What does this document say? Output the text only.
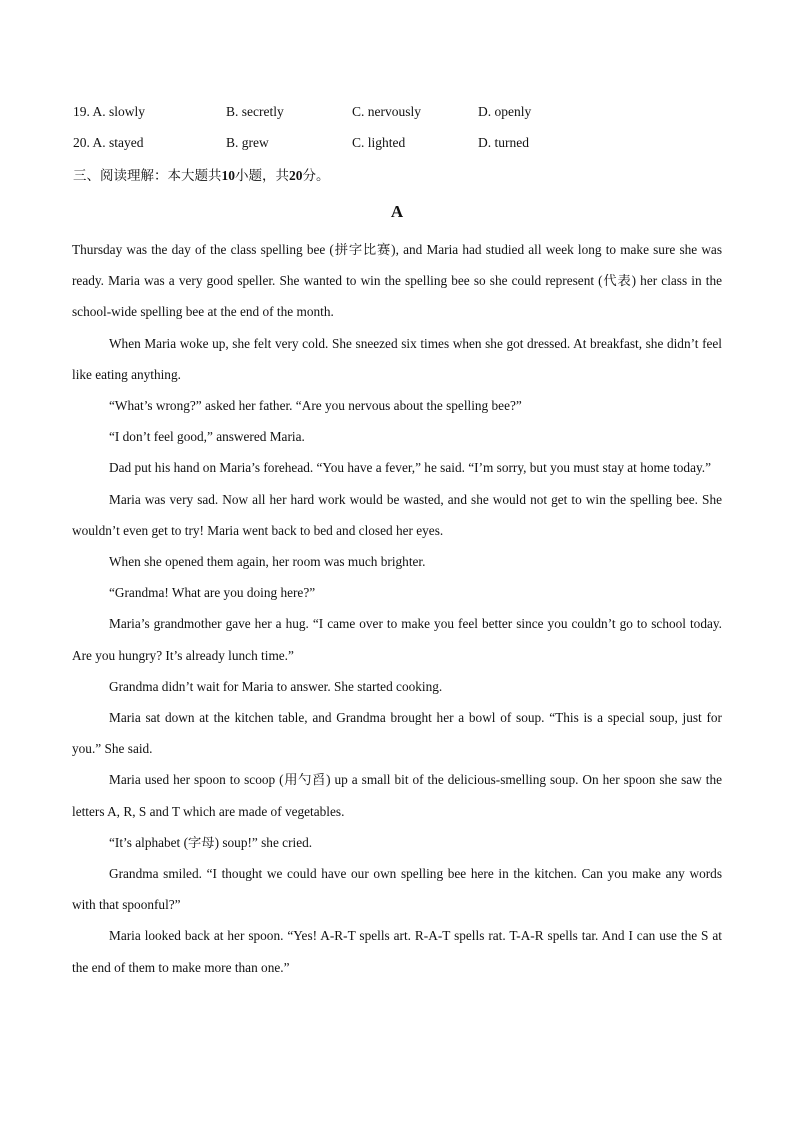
19. A. slowly	B. secretly	C. nervously	D. openly
20. A. stayed	B. grew	C. lighted	D. turned
三、阅读理解：本大题共10小题，共20分。
A

Thursday was the day of the class spelling bee (拼字比赛), and Maria had studied all week long to make sure she was ready. Maria was a very good speller. She wanted to win the spelling bee so she could represent (代表) her class in the school-wide spelling bee at the end of the month.

When Maria woke up, she felt very cold. She sneezed six times when she got dressed. At breakfast, she didn’t feel like eating anything.

“What’s wrong?” asked her father. “Are you nervous about the spelling bee?”

“I don’t feel good,” answered Maria.

Dad put his hand on Maria’s forehead. “You have a fever,” he said. “I’m sorry, but you must stay at home today.”

Maria was very sad. Now all her hard work would be wasted, and she would not get to win the spelling bee. She wouldn’t even get to try! Maria went back to bed and closed her eyes.

When she opened them again, her room was much brighter.

“Grandma! What are you doing here?”

Maria’s grandmother gave her a hug. “I came over to make you feel better since you couldn’t go to school today. Are you hungry? It’s already lunch time.”

Grandma didn’t wait for Maria to answer. She started cooking.

Maria sat down at the kitchen table, and Grandma brought her a bowl of soup. “This is a special soup, just for you.” She said.

Maria used her spoon to scoop (用勺舀) up a small bit of the delicious-smelling soup. On her spoon she saw the letters A, R, S and T which are made of vegetables.

“It’s alphabet (字母) soup!” she cried.

Grandma smiled. “I thought we could have our own spelling bee here in the kitchen. Can you make any words with that spoonful?”

Maria looked back at her spoon. “Yes! A-R-T spells art. R-A-T spells rat. T-A-R spells tar. And I can use the S at the end of them to make more than one.”
